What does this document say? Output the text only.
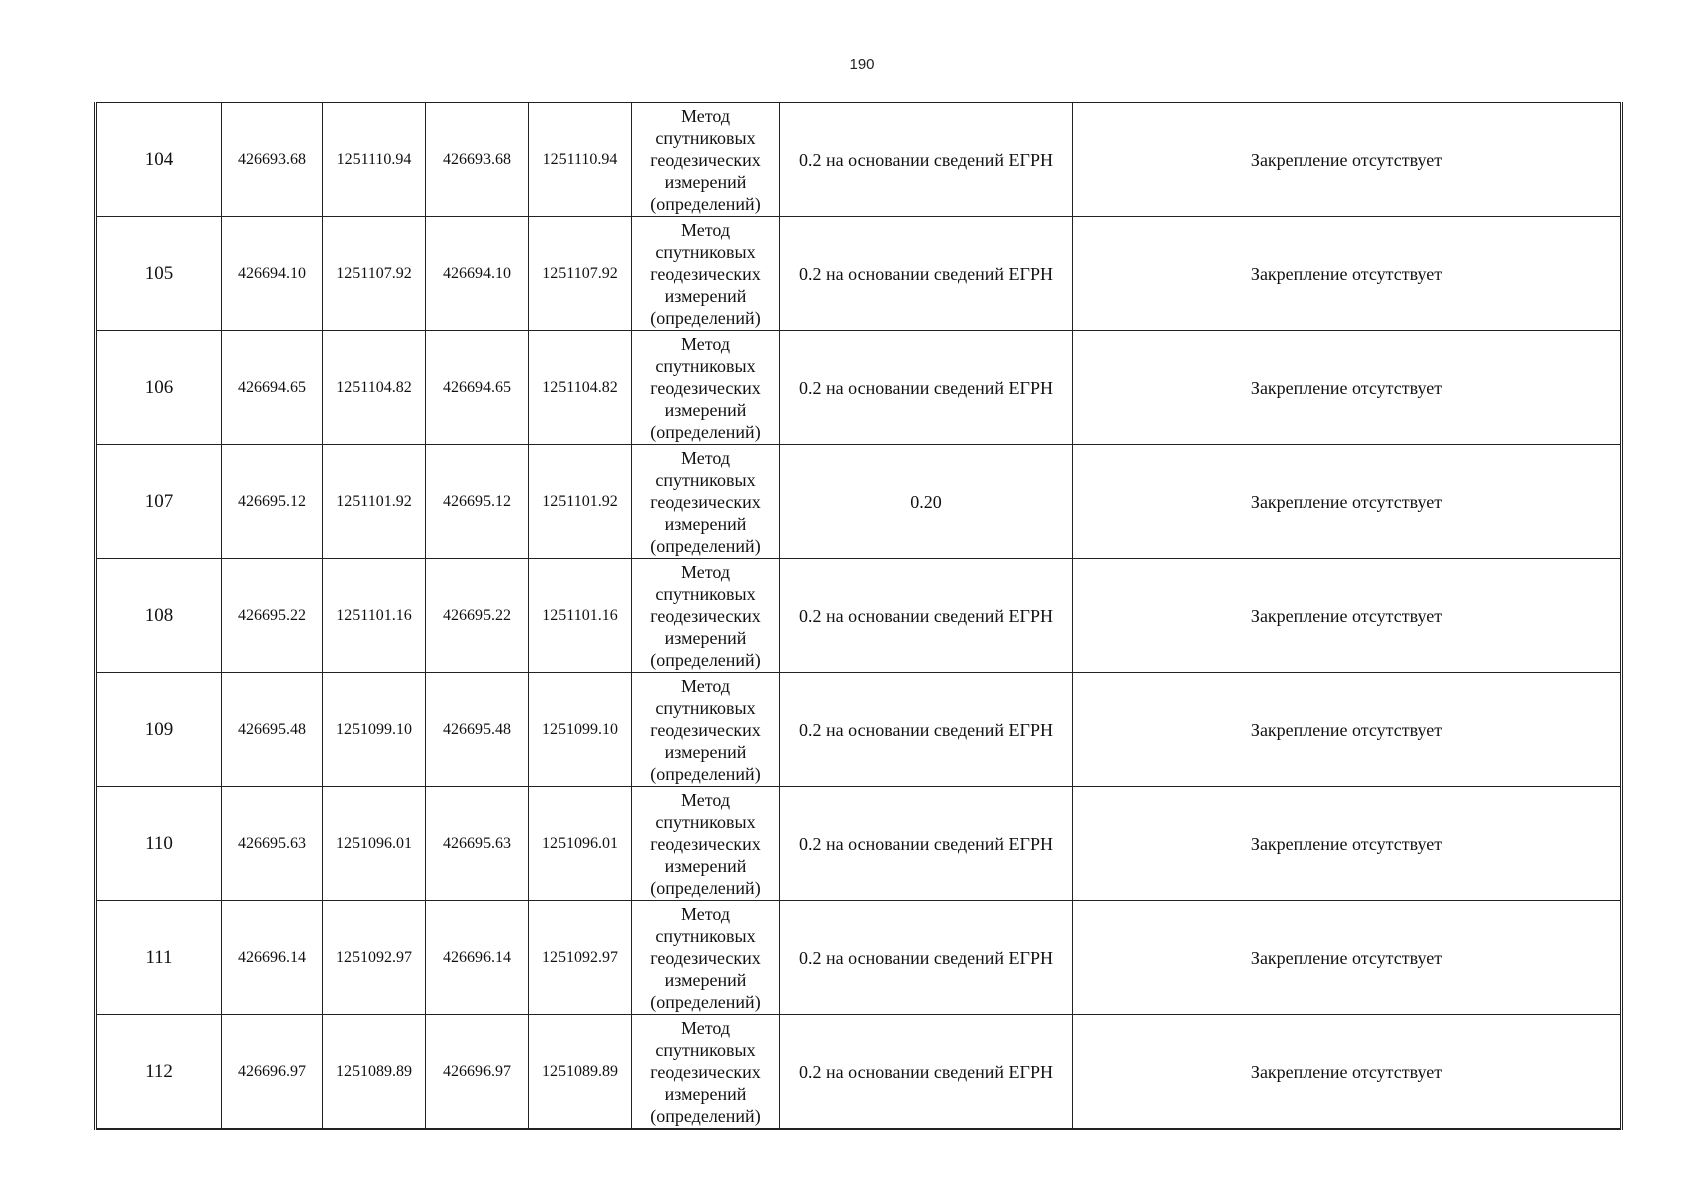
190
104	426693.68	1251110.94	426693.68	1251110.94	Метод спутниковых геодезических измерений (определений)	0.2 на основании сведений ЕГРН	Закрепление отсутствует
105	426694.10	1251107.92	426694.10	1251107.92	Метод спутниковых геодезических измерений (определений)	0.2 на основании сведений ЕГРН	Закрепление отсутствует
106	426694.65	1251104.82	426694.65	1251104.82	Метод спутниковых геодезических измерений (определений)	0.2 на основании сведений ЕГРН	Закрепление отсутствует
107	426695.12	1251101.92	426695.12	1251101.92	Метод спутниковых геодезических измерений (определений)	0.20	Закрепление отсутствует
108	426695.22	1251101.16	426695.22	1251101.16	Метод спутниковых геодезических измерений (определений)	0.2 на основании сведений ЕГРН	Закрепление отсутствует
109	426695.48	1251099.10	426695.48	1251099.10	Метод спутниковых геодезических измерений (определений)	0.2 на основании сведений ЕГРН	Закрепление отсутствует
110	426695.63	1251096.01	426695.63	1251096.01	Метод спутниковых геодезических измерений (определений)	0.2 на основании сведений ЕГРН	Закрепление отсутствует
111	426696.14	1251092.97	426696.14	1251092.97	Метод спутниковых геодезических измерений (определений)	0.2 на основании сведений ЕГРН	Закрепление отсутствует
112	426696.97	1251089.89	426696.97	1251089.89	Метод спутниковых геодезических измерений (определений)	0.2 на основании сведений ЕГРН	Закрепление отсутствует
